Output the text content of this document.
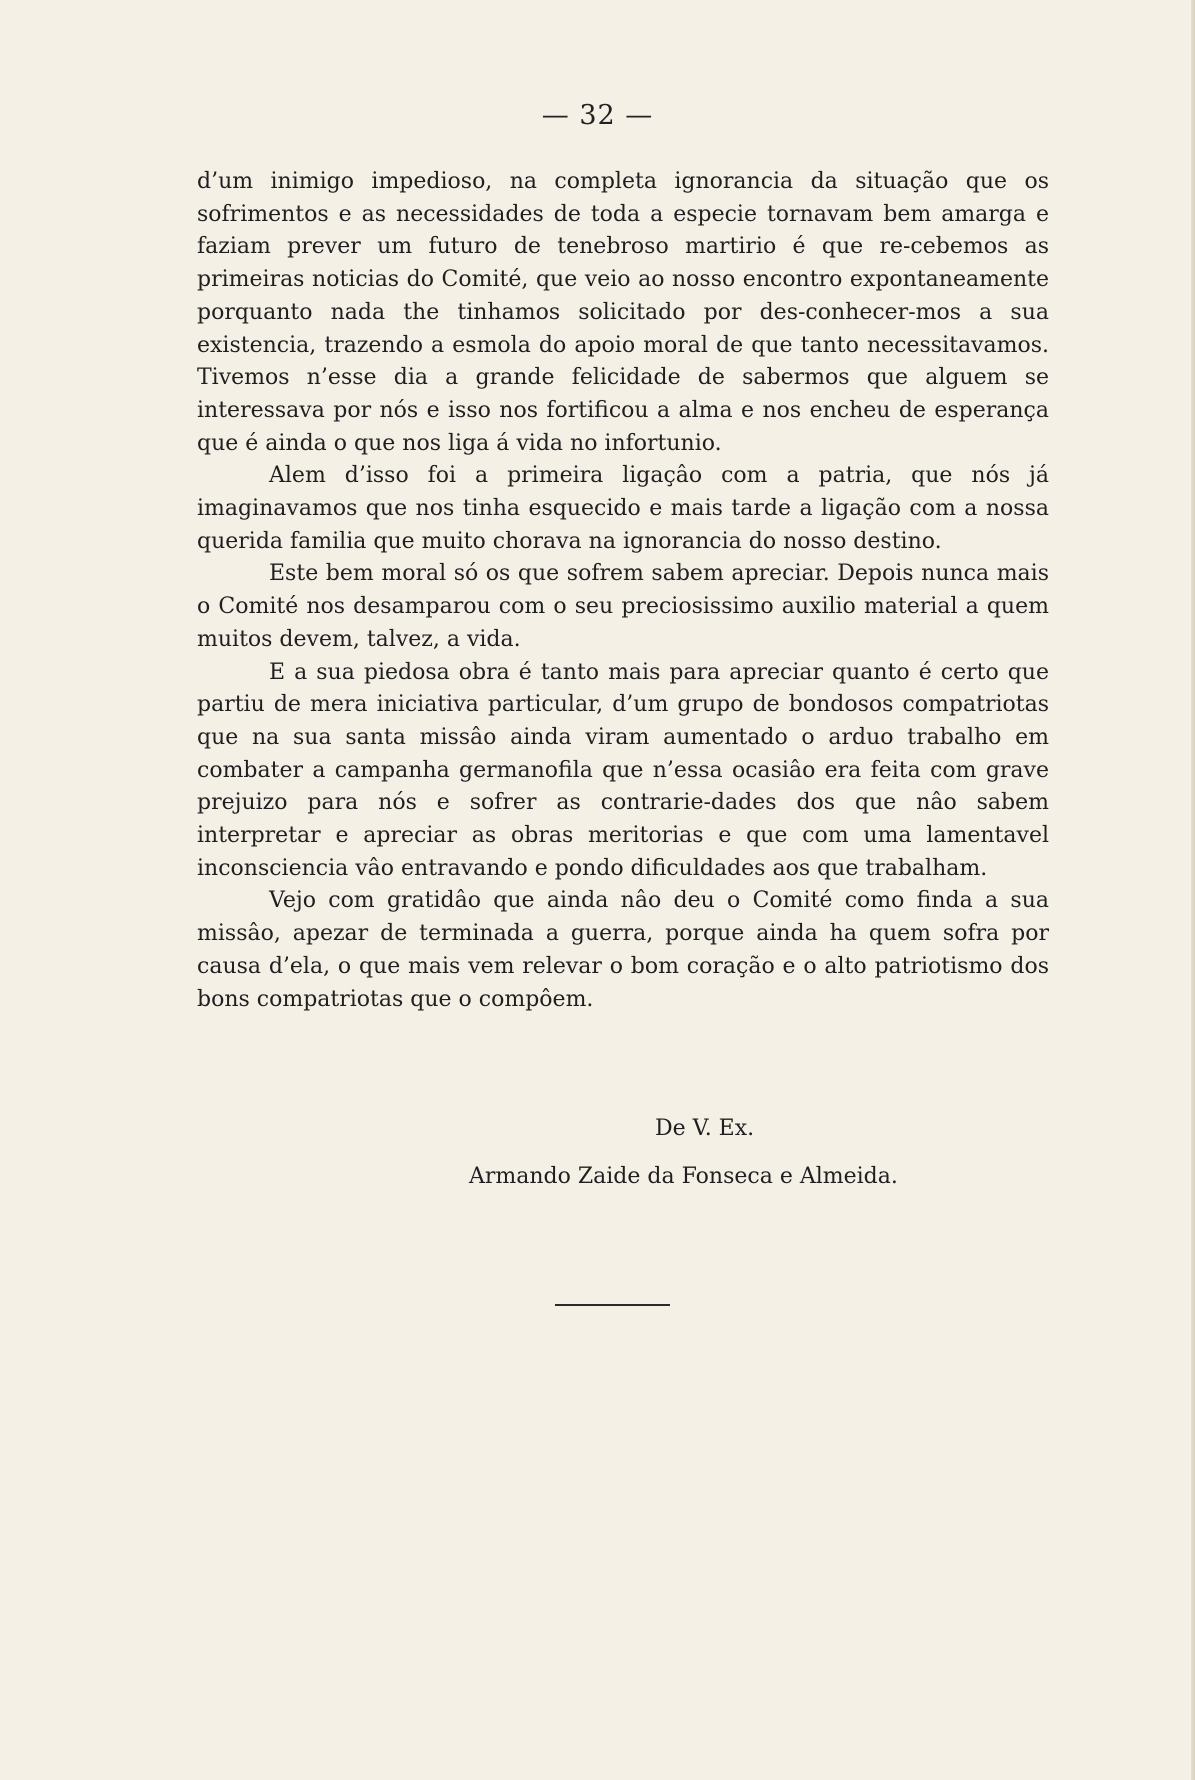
— 32 —

d’um inimigo impedioso, na completa ignorancia da situação que os sofrimentos e as necessidades de toda a especie tornavam bem amarga e faziam prever um futuro de tenebroso martirio é que re-cebemos as primeiras noticias do Comité, que veio ao nosso encontro expontaneamente porquanto nada the tinhamos solicitado por des-conhecer-mos a sua existencia, trazendo a esmola do apoio moral de que tanto necessitavamos. Tivemos n’esse dia a grande felicidade de sabermos que alguem se interessava por nós e isso nos fortificou a alma e nos encheu de esperança que é ainda o que nos liga á vida no infortunio.

Alem d’isso foi a primeira ligaçâo com a patria, que nós já imaginavamos que nos tinha esquecido e mais tarde a ligação com a nossa querida familia que muito chorava na ignorancia do nosso destino.

Este bem moral só os que sofrem sabem apreciar. Depois nunca mais o Comité nos desamparou com o seu preciosissimo auxilio material a quem muitos devem, talvez, a vida.

E a sua piedosa obra é tanto mais para apreciar quanto é certo que partiu de mera iniciativa particular, d’um grupo de bondosos compatriotas que na sua santa missâo ainda viram aumentado o arduo trabalho em combater a campanha germanofila que n’essa ocasiâo era feita com grave prejuizo para nós e sofrer as contrarie-dades dos que nâo sabem interpretar e apreciar as obras meritorias e que com uma lamentavel inconsciencia vâo entravando e pondo dificuldades aos que trabalham.

Vejo com gratidâo que ainda nâo deu o Comité como finda a sua missâo, apezar de terminada a guerra, porque ainda ha quem sofra por causa d’ela, o que mais vem relevar o bom coração e o alto patriotismo dos bons compatriotas que o compôem.

De V. Ex.
Armando Zaide da Fonseca e Almeida.
